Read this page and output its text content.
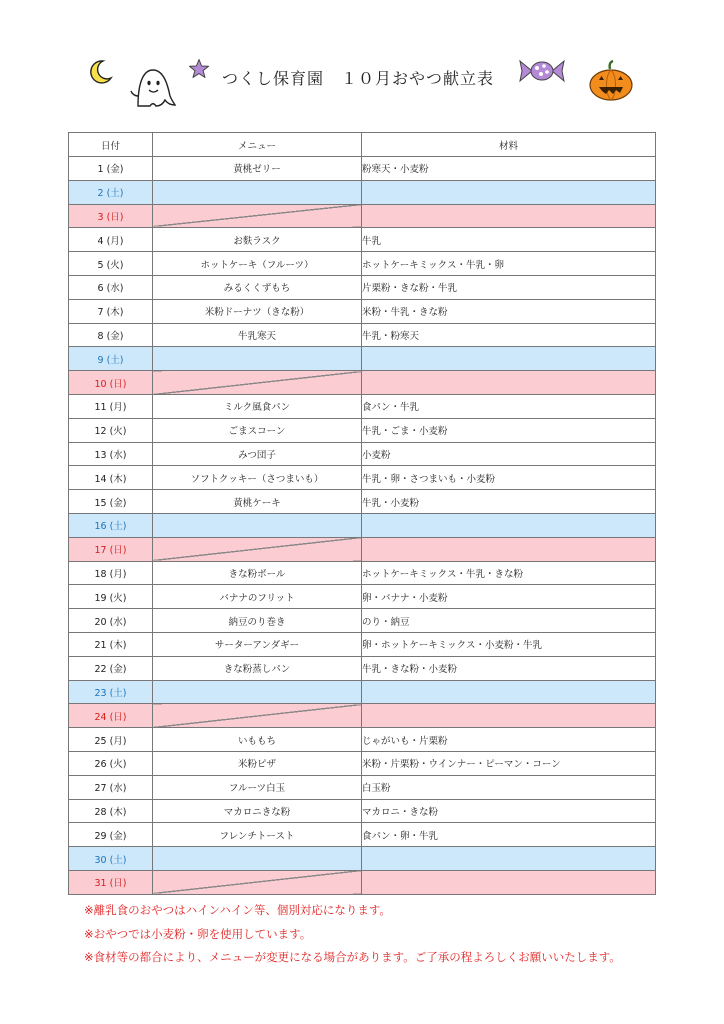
つくし保育園　１０月おやつ献立表
日付	メニュー	材料
1 (金)	黄桃ゼリー	粉寒天・小麦粉
2 (土)		
3 (日)		
4 (月)	お麩ラスク	牛乳
5 (火)	ホットケーキ（フルーツ）	ホットケーキミックス・牛乳・卵
6 (水)	みるくくずもち	片栗粉・きな粉・牛乳
7 (木)	米粉ドーナツ（きな粉）	米粉・牛乳・きな粉
8 (金)	牛乳寒天	牛乳・粉寒天
9 (土)		
10 (日)		
11 (月)	ミルク風食パン	食パン・牛乳
12 (火)	ごまスコーン	牛乳・ごま・小麦粉
13 (水)	みつ団子	小麦粉
14 (木)	ソフトクッキー（さつまいも）	牛乳・卵・さつまいも・小麦粉
15 (金)	黄桃ケーキ	牛乳・小麦粉
16 (土)		
17 (日)		
18 (月)	きな粉ボール	ホットケーキミックス・牛乳・きな粉
19 (火)	バナナのフリット	卵・バナナ・小麦粉
20 (水)	納豆のり巻き	のり・納豆
21 (木)	サーターアンダギー	卵・ホットケーキミックス・小麦粉・牛乳
22 (金)	きな粉蒸しパン	牛乳・きな粉・小麦粉
23 (土)		
24 (日)		
25 (月)	いももち	じゃがいも・片栗粉
26 (火)	米粉ピザ	米粉・片栗粉・ウインナー・ピーマン・コーン
27 (水)	フルーツ白玉	白玉粉
28 (木)	マカロニきな粉	マカロニ・きな粉
29 (金)	フレンチトースト	食パン・卵・牛乳
30 (土)		
31 (日)		
※離乳食のおやつはハインハイン等、個別対応になります。
※おやつでは小麦粉・卵を使用しています。
※食材等の都合により、メニューが変更になる場合があります。ご了承の程よろしくお願いいたします。
